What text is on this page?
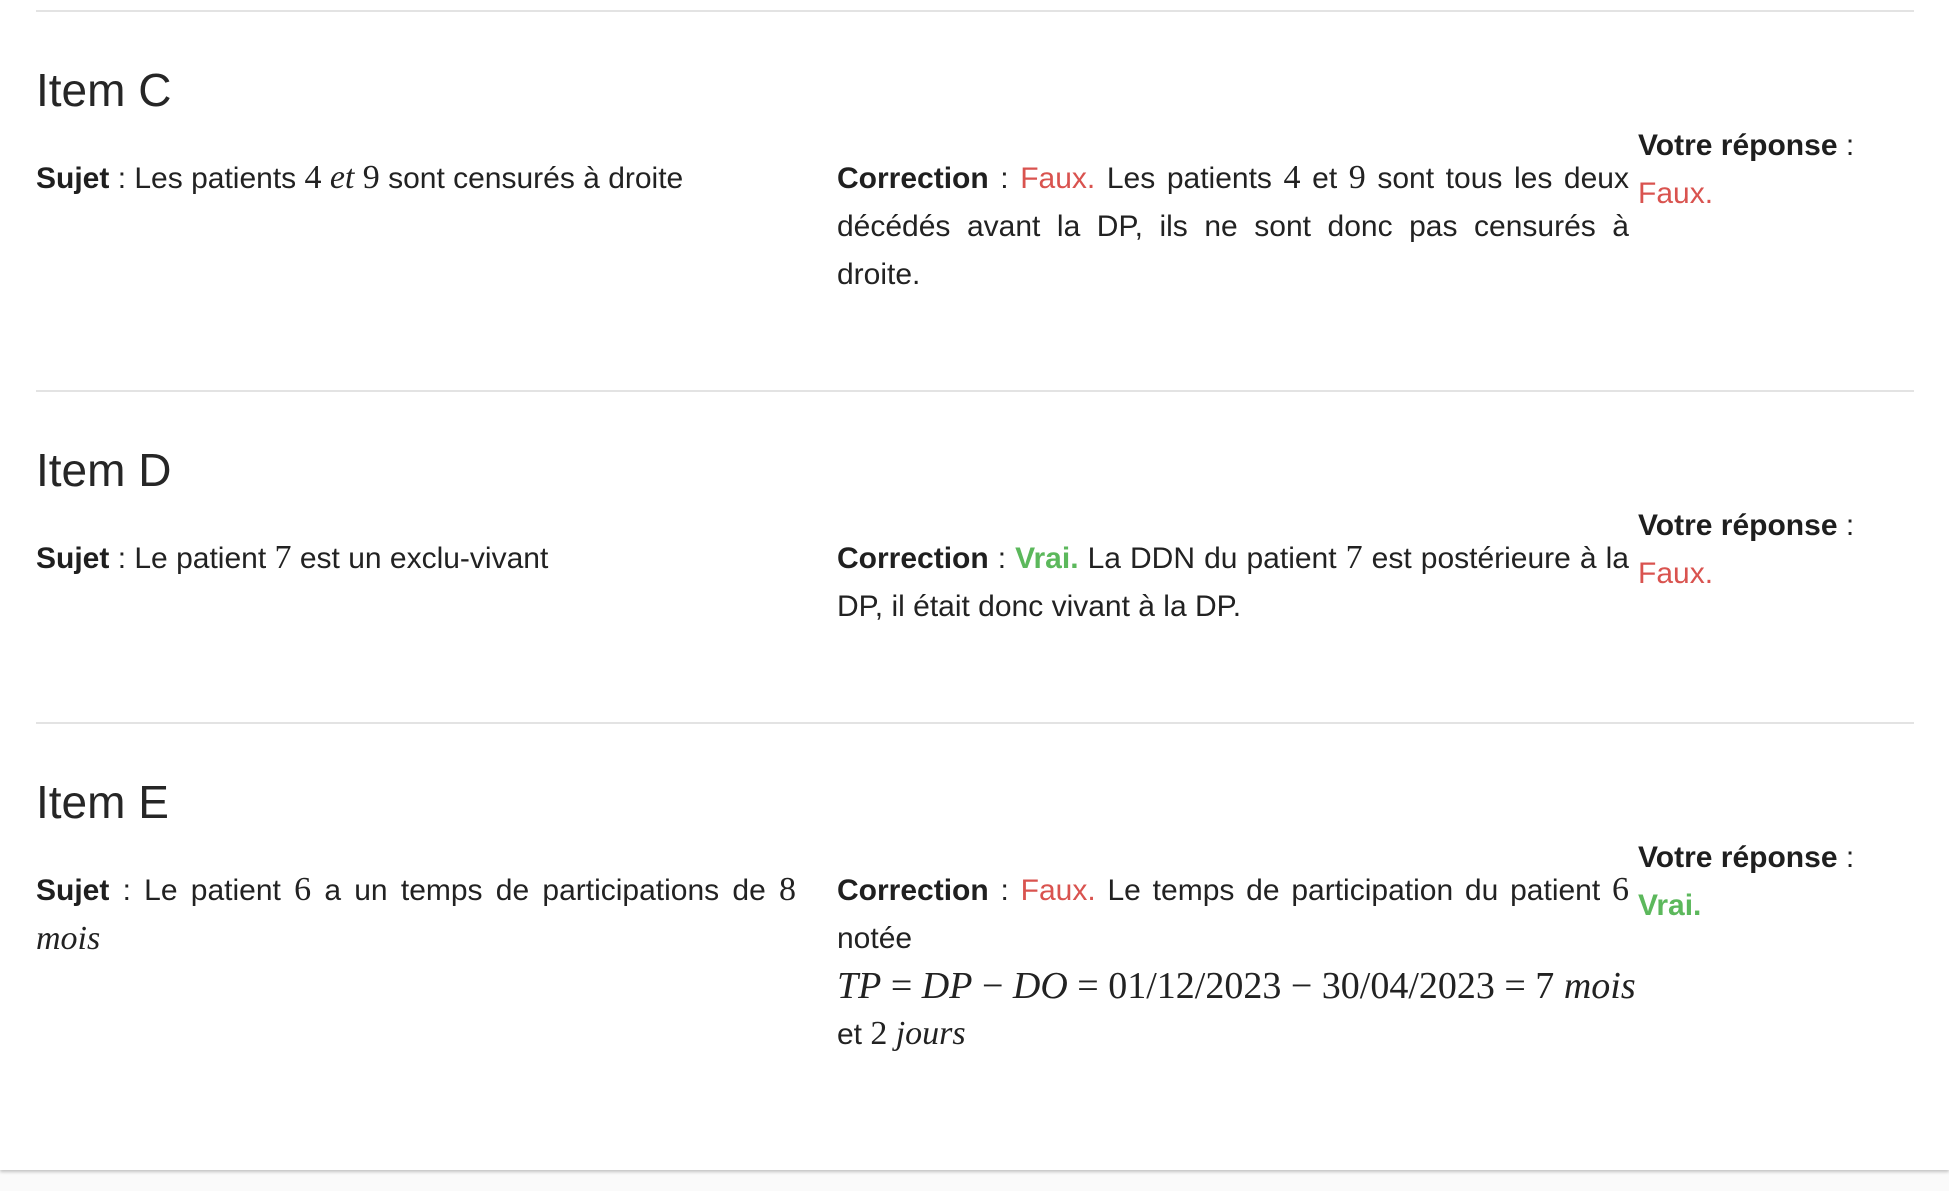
Item C
Sujet : Les patients 4 et 9 sont censurés à droite	Correction : Faux. Les patients 4 et 9 sont tous les deux décédés avant la DP, ils ne sont donc pas censurés à droite.
Votre réponse :
Faux.
Item D
Sujet : Le patient 7 est un exclu-vivant	Correction : Vrai. La DDN du patient 7 est postérieure à la DP, il était donc vivant à la DP.
Votre réponse :
Faux.
Item E
Sujet : Le patient 6 a un temps de participations de 8 mois
Correction : Faux. Le temps de participation du patient 6 notée
TP = DP − DO = 01/12/2023 − 30/04/2023 = 7 mois
et 2 jours
Votre réponse :
Vrai.
